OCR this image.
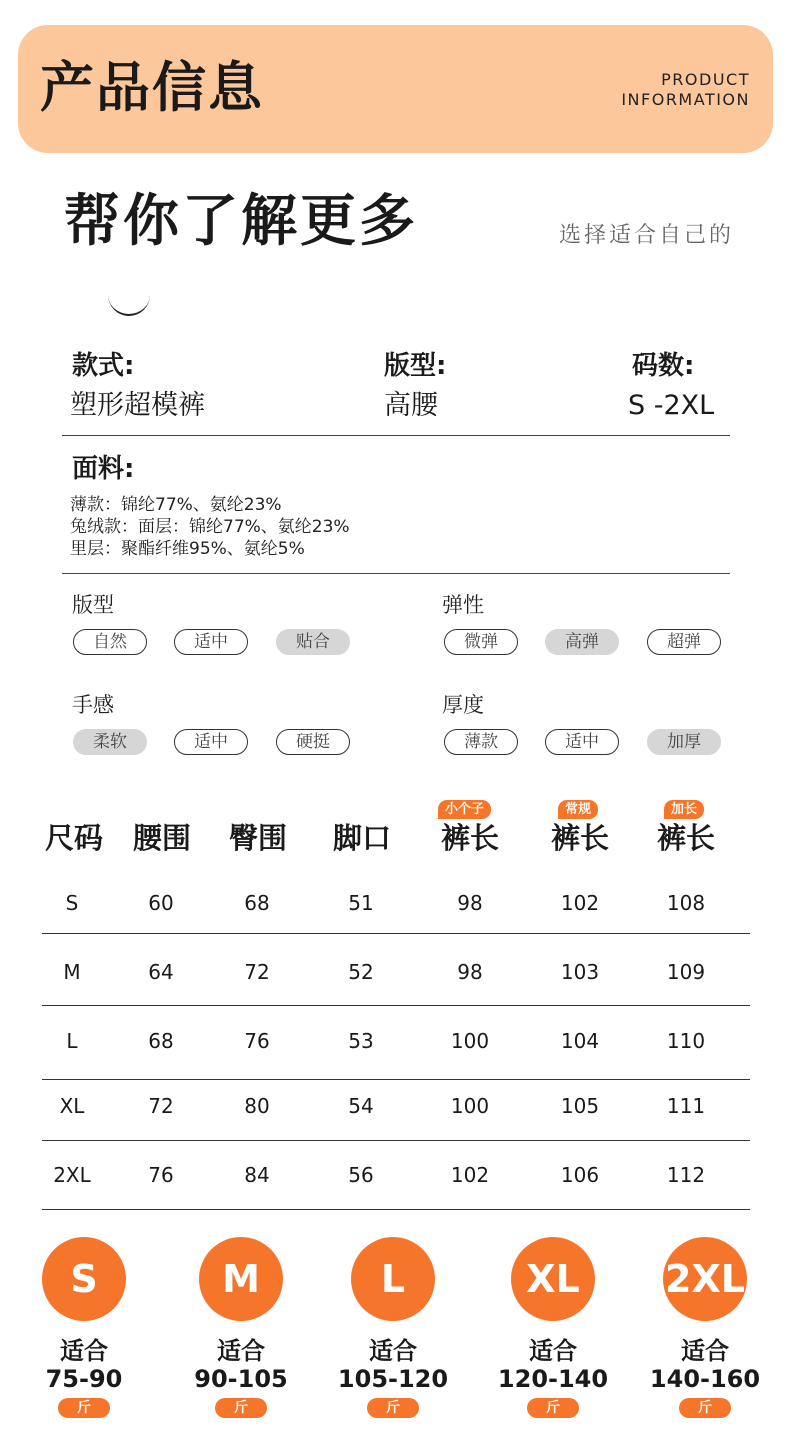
产品信息	PRODUCT
INFORMATION
帮你了解更多	选择适合自己的
款式:
塑形超模裤
版型:
高腰
码数:
S -2XL
面料:
薄款：锦纶77%、氨纶23%
兔绒款：面层：锦纶77%、氨纶23%
里层：聚酯纤维95%、氨纶5%
版型
自然	适中	贴合
弹性
微弹	高弹	超弹
手感
柔软	适中	硬挺
厚度
薄款	适中	加厚
尺码	腰围	臀围	脚口	裤长	裤长	裤长
小个子	常规	加长
S	60	68	51	98	102	108
M	64	72	52	98	103	109
L	68	76	53	100	104	110
XL	72	80	54	100	105	111
2XL	76	84	56	102	106	112
S
适合
75-90
斤
M
适合
90-105
斤
L
适合
105-120
斤
XL
适合
120-140
斤
2XL
适合
140-160
斤
